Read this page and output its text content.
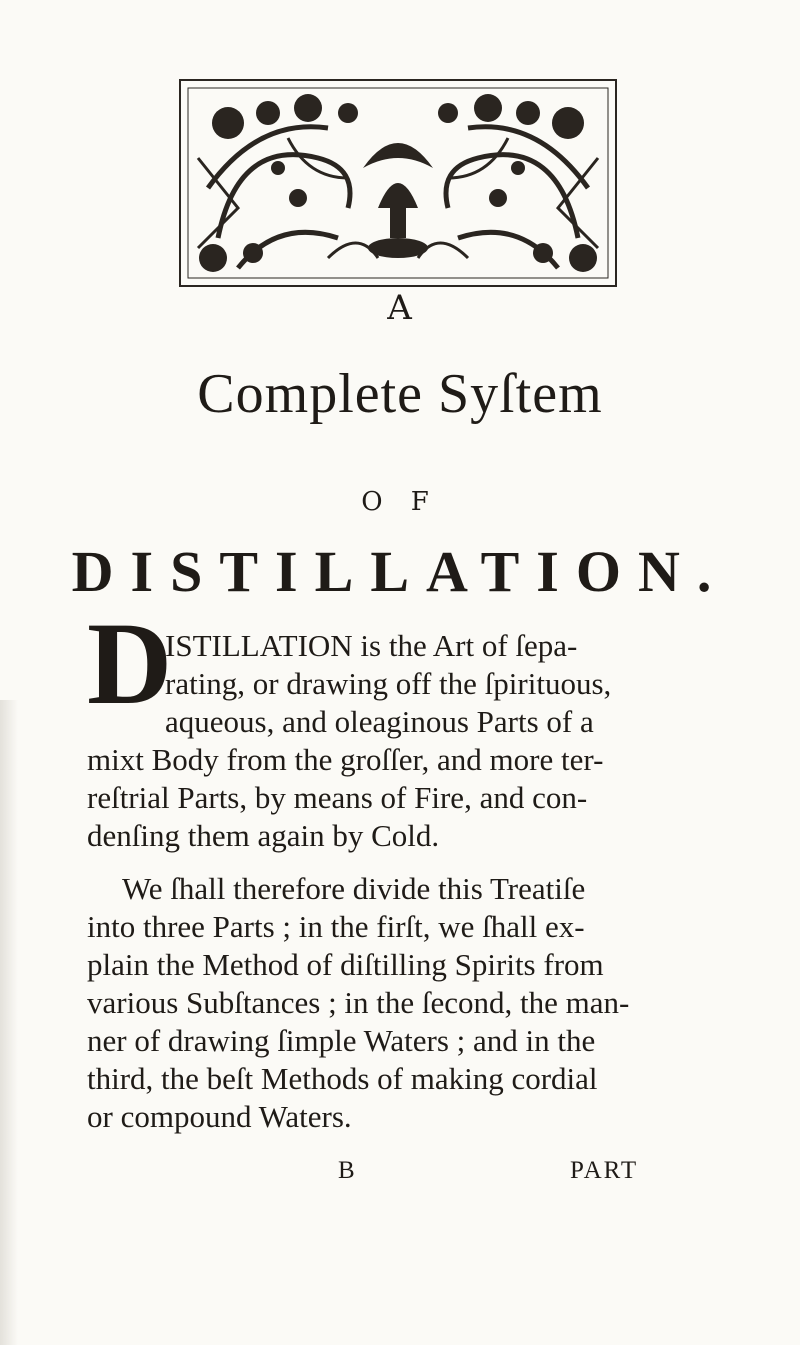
A
Complete Syſtem
O F
DISTILLATION.
D
ISTILLATION is the Art of ſepa-
rating, or drawing off the ſpirituous,
aqueous, and oleaginous Parts of a
mixt Body from the groſſer, and more ter-
reſtrial Parts, by means of Fire, and con-
denſing them again by Cold.
We ſhall therefore divide this Treatiſe
into three Parts ; in the firſt, we ſhall ex-
plain the Method of diſtilling Spirits from
various Subſtances ; in the ſecond, the man-
ner of drawing ſimple Waters ; and in the
third, the beſt Methods of making cordial
or compound Waters.
B	PART
